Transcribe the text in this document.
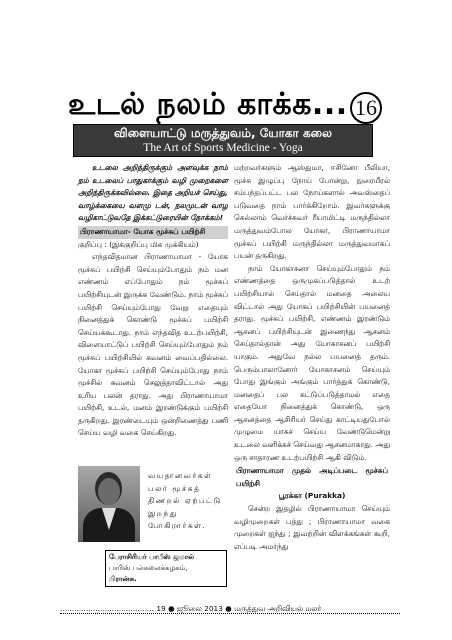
உடல் நலம் காக்க... 16
விளையாட்டு மருத்துவம், யோகா கலை
The Art of Sports Medicine - Yoga
உடலை அறிந்திருக்கும் அளவுக்க நாம் நம் உடலைப் பாதுகாக்கும் வழி முறைகளை அறிந்திருக்கவில்லை. இதை அறியச் செய்து, வாழ்க்கையை வளமு டன், நலமுடன் வாழ வழிகாட்டுவதே இக்கட்டுரையின் நோக்கம்!
பிராணாயாமா- யோக மூச்சுப் பயிற்சி
குறிப்பு : (இக்குறிப்பு மிக முக்கியம்)
எந்தவிதமான பிராணாயாமா - யோக மூச்சுப் பயிற்சி செய்யும்போதும் நம் மன எண்ணம் எப்போதும் நம் மூச்சுப் பயிற்சியுடன் இருக்க வேண்டும். நாம் மூச்சுப் பயிற்சி செய்யும்போது வேறு எதையும் நினைத்துக் கொண்டு மூச்சுப் பயிற்சி செய்யக்கூடாது. நாம் எந்தவித உடற்பயிற்சி, விளையாட்டுப் பயிற்சி செய்யும்போதும் நம் மூச்சுப் பயிற்சியில் கவனம் வைப்பதில்லை. யோகா மூச்சுப் பயிற்சி செய்யும்போது நாம் மூச்சில் கவனம் செலுத்தாவிட்டால் அது உரிய பலன் தராது. அது பிராணாயாமா பயிற்சி, உடல், மனம் இரண்டுக்கும் பயிற்சி தருகிறது. இரண்டையும் ஒன்றிணைத்து பணி செய்ய வழி வகை செய்கிறது.
வயதானவர்கள் பலர் மூச்சுத் திணறல் ஏற்பட்டு இறந்து போகிறார்கள்.
பேராசிரியர் பாபீஸ் ஜமால்
பாரிஸ் பல்கலைக்கழகம்,
பிரான்சு.
மற்றவர்களும் ஆஸ்துமா, ஈசினோ பீலியா, மூச்சு இழுப்பு நோய் போன்று, நுரையீரல் சம்பந்தப்பட்ட பல நோய்களால் அவஸ்தைப் படுவதை நாம் பார்க்கிறோம். இவர்களுக்கு கெல்லாம் வெர்ச்சுவர் ரீயாமிட்டி மருந்தில்லா மருத்துவம்போல யோகா, பிராணாயாமா மூச்சுப் பயிற்சி மருந்தில்லா மருத்துவமாகப் பயன் தருகிறது.
நாம் யோகாசனா செய்யும்போதும் நம் எண்ணத்தை ஒருமுகப்படுத்தால் உடற் பயிற்சியால் செய்தால் மனதை அலைய விட்டால் அது யோகப் பயிற்சியின் பயனைத் தராது. மூச்சுப் பயிற்சி, எண்ணம் இரண்டும் ஆசனப் பயிற்சியுடன் இணைந்து ஆசனம் செய்தால்தான் அது யோகாசனப் பயிற்சி யாகும். அதுவே நல்ல பயனைத் தரும். பெரும்பாலானோர் யோகாசனம் செய்யும் போது இங்கும் அங்கும் பார்த்துக் கொண்டு, மனதைப் பல கட்டுப்படுத்தாமல் எதை எதையோ நினைத்துக் கொண்டு, ஒரு ஆசனத்தை ஆசிரியர் செய்து காட்டியதுபோல் முழுமை யாகச் செய்ய வேண்டுமென்று உடலை வளிக்கச் செய்வது ஆசனமாகாது. அது ஒரு சாதாரண உடற்பயிற்சி ஆகி விடும்.
பிராணாயாமா முதல் அடிப்படை மூச்சுப் பயிற்சி
பூரக்கா (Purakka)
சென்ற இதழில் பிராணாயாமா செய்யும் வழிமுறைகள் பத்து ; பிராணாயாமா வகை முறைகள் ஐந்து ; இவற்றின் விளக்கங்கள் கூறி, எப்படி அமர்ந்து
........................................ 19 ● ஜூலை 2013 ● மருத்துவ அறிவியல் மலர்
